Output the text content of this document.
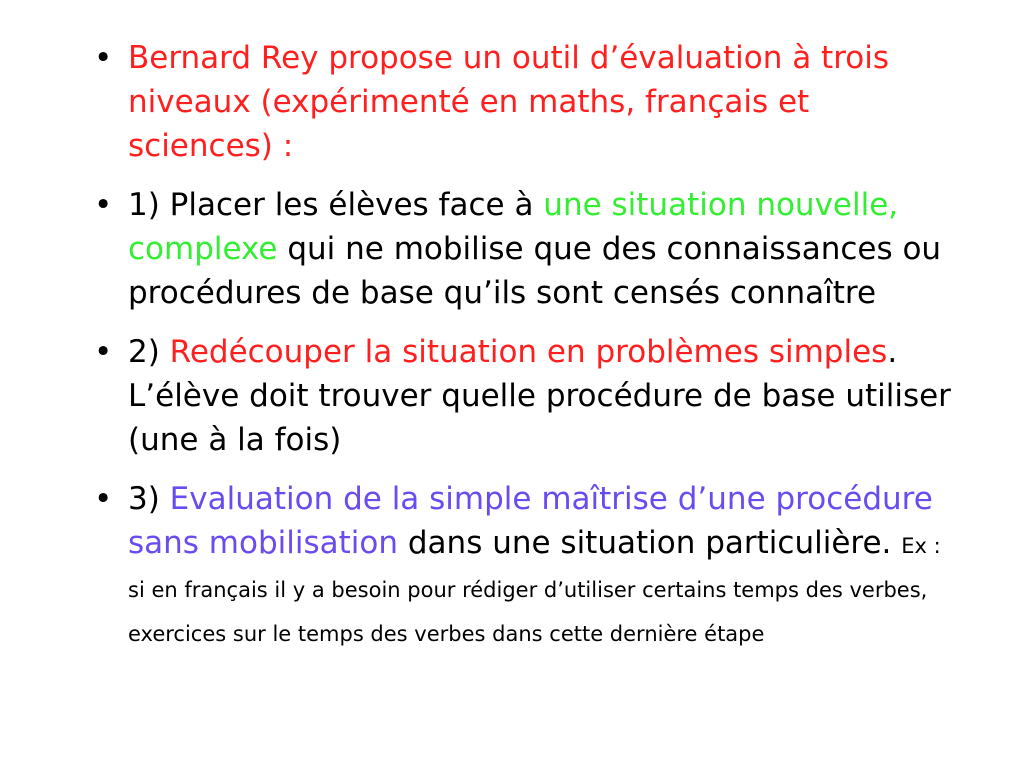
• Bernard Rey propose un outil d’évaluation à trois niveaux (expérimenté en maths, français et sciences) :
• 1) Placer les élèves face à une situation nouvelle, complexe qui ne mobilise que des connaissances ou procédures de base qu’ils sont censés connaître
• 2) Redécouper la situation en problèmes simples. L’élève doit trouver quelle procédure de base utiliser (une à la fois)
• 3) Evaluation de la simple maîtrise d’une procédure sans mobilisation dans une situation particulière. Ex : si en français il y a besoin pour rédiger d’utiliser certains temps des verbes, exercices sur le temps des verbes dans cette dernière étape
